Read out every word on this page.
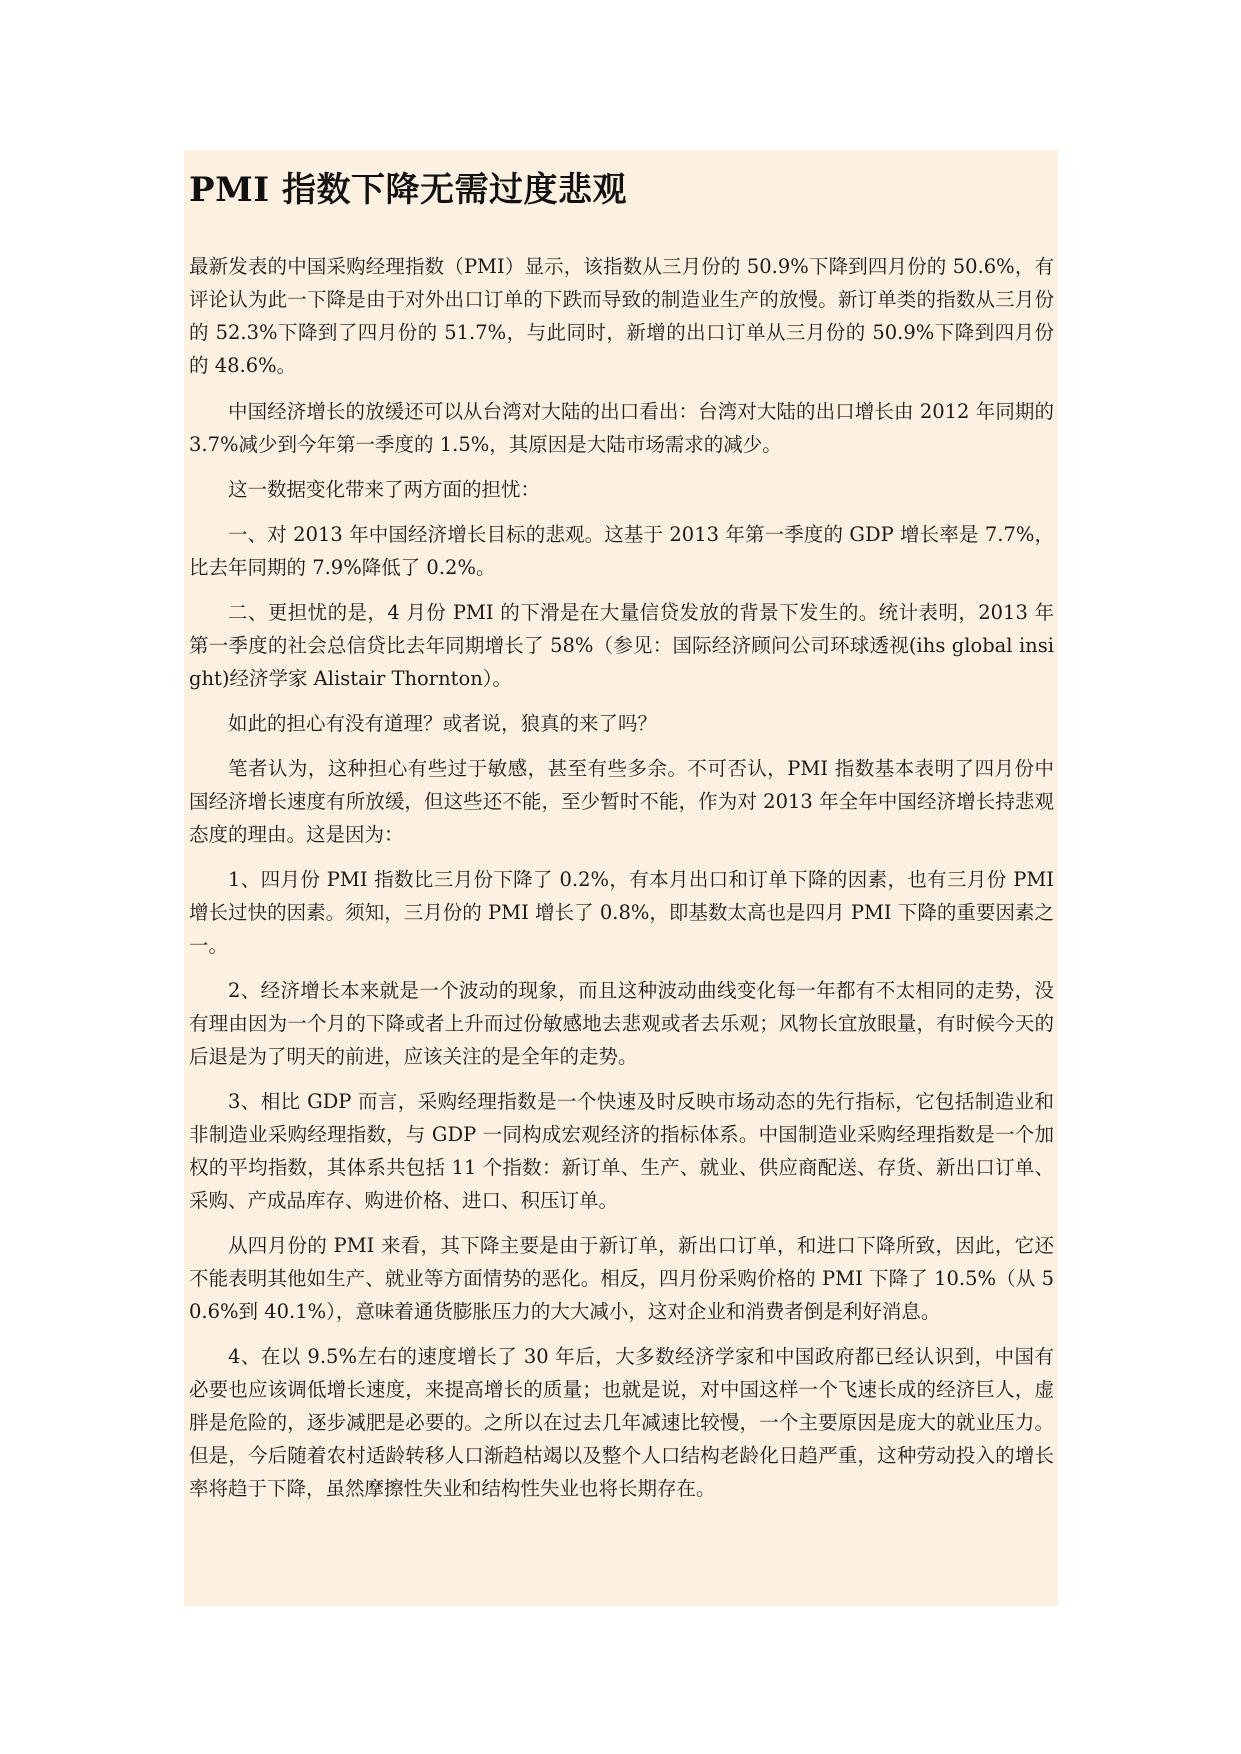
PMI 指数下降无需过度悲观

最新发表的中国采购经理指数（PMI）显示，该指数从三月份的 50.9%下降到四月份的 50.6%，有评论认为此一下降是由于对外出口订单的下跌而导致的制造业生产的放慢。新订单类的指数从三月份的 52.3%下降到了四月份的 51.7%，与此同时，新增的出口订单从三月份的 50.9%下降到四月份的 48.6%。

中国经济增长的放缓还可以从台湾对大陆的出口看出：台湾对大陆的出口增长由 2012 年同期的 3.7%减少到今年第一季度的 1.5%，其原因是大陆市场需求的减少。

这一数据变化带来了两方面的担忧：

一、对 2013 年中国经济增长目标的悲观。这基于 2013 年第一季度的 GDP 增长率是 7.7%，比去年同期的 7.9%降低了 0.2%。

二、更担忧的是，4 月份 PMI 的下滑是在大量信贷发放的背景下发生的。统计表明，2013 年第一季度的社会总信贷比去年同期增长了 58%（参见：国际经济顾问公司环球透视(ihs global insight)经济学家 Alistair Thornton）。

如此的担心有没有道理？或者说，狼真的来了吗？

笔者认为，这种担心有些过于敏感，甚至有些多余。不可否认，PMI 指数基本表明了四月份中国经济增长速度有所放缓，但这些还不能，至少暂时不能，作为对 2013 年全年中国经济增长持悲观态度的理由。这是因为：

1、四月份 PMI 指数比三月份下降了 0.2%，有本月出口和订单下降的因素，也有三月份 PMI 增长过快的因素。须知，三月份的 PMI 增长了 0.8%，即基数太高也是四月 PMI 下降的重要因素之一。

2、经济增长本来就是一个波动的现象，而且这种波动曲线变化每一年都有不太相同的走势，没有理由因为一个月的下降或者上升而过份敏感地去悲观或者去乐观；风物长宜放眼量，有时候今天的后退是为了明天的前进，应该关注的是全年的走势。

3、相比 GDP 而言，采购经理指数是一个快速及时反映市场动态的先行指标，它包括制造业和非制造业采购经理指数，与 GDP 一同构成宏观经济的指标体系。中国制造业采购经理指数是一个加权的平均指数，其体系共包括 11 个指数：新订单、生产、就业、供应商配送、存货、新出口订单、采购、产成品库存、购进价格、进口、积压订单。

从四月份的 PMI 来看，其下降主要是由于新订单，新出口订单，和进口下降所致，因此，它还不能表明其他如生产、就业等方面情势的恶化。相反，四月份采购价格的 PMI 下降了 10.5%（从 50.6%到 40.1%），意味着通货膨胀压力的大大减小，这对企业和消费者倒是利好消息。

4、在以 9.5%左右的速度增长了 30 年后，大多数经济学家和中国政府都已经认识到，中国有必要也应该调低增长速度，来提高增长的质量；也就是说，对中国这样一个飞速长成的经济巨人，虚胖是危险的，逐步减肥是必要的。之所以在过去几年减速比较慢，一个主要原因是庞大的就业压力。但是，今后随着农村适龄转移人口渐趋枯竭以及整个人口结构老龄化日趋严重，这种劳动投入的增长率将趋于下降，虽然摩擦性失业和结构性失业也将长期存在。
